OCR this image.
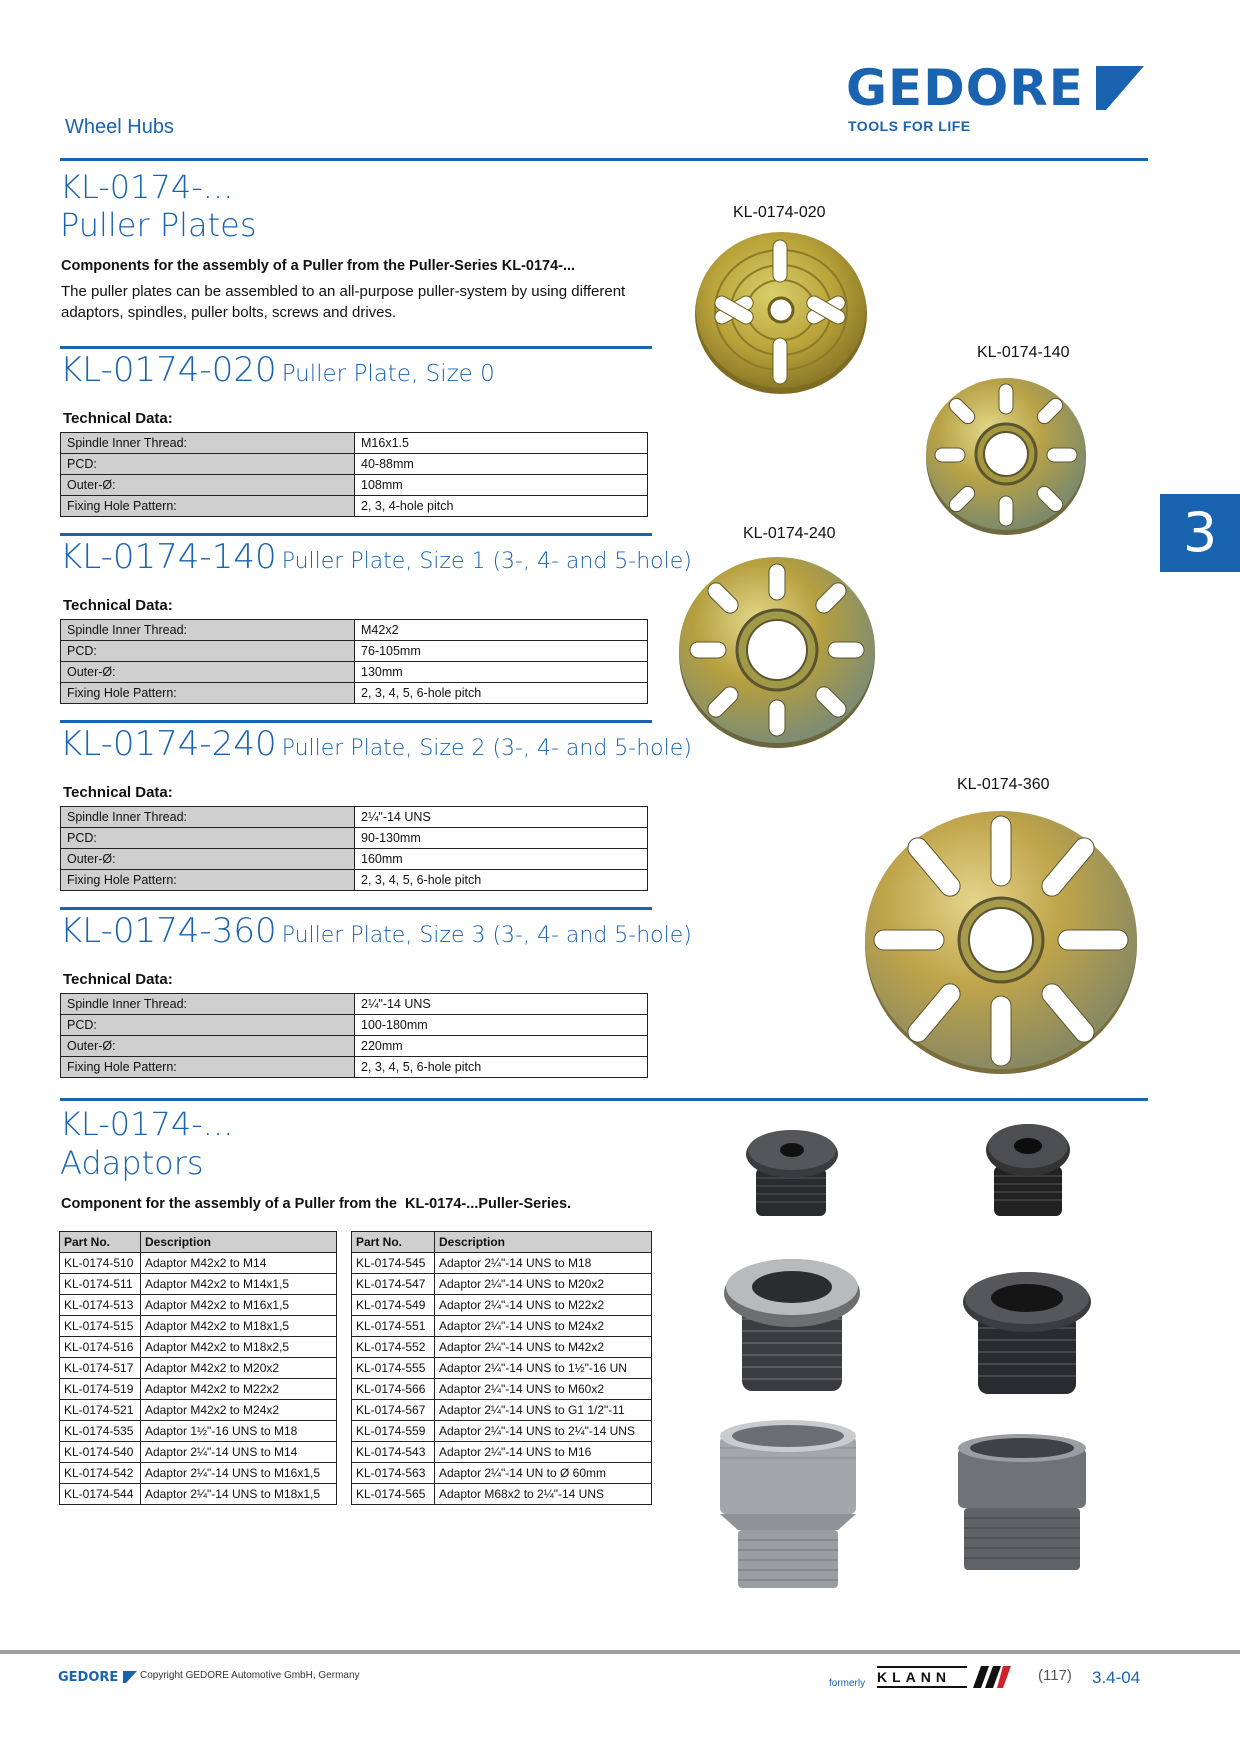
Wheel Hubs
GEDORE
TOOLS FOR LIFE
3
KL-0174-...
Puller Plates
Components for the assembly of a Puller from the Puller-Series KL-0174-...
The puller plates can be assembled to an all-purpose puller-system by using different adaptors, spindles, puller bolts, screws and drives.
KL-0174-020 Puller Plate, Size 0
Technical Data:
Spindle Inner Thread:	M16x1.5
PCD:	40-88mm
Outer-Ø:	108mm
Fixing Hole Pattern:	2, 3, 4-hole pitch
KL-0174-140 Puller Plate, Size 1 (3-, 4- and 5-hole)
Technical Data:
Spindle Inner Thread:	M42x2
PCD:	76-105mm
Outer-Ø:	130mm
Fixing Hole Pattern:	2, 3, 4, 5, 6-hole pitch
KL-0174-240 Puller Plate, Size 2 (3-, 4- and 5-hole)
Technical Data:
Spindle Inner Thread:	2¼"-14 UNS
PCD:	90-130mm
Outer-Ø:	160mm
Fixing Hole Pattern:	2, 3, 4, 5, 6-hole pitch
KL-0174-360 Puller Plate, Size 3 (3-, 4- and 5-hole)
Technical Data:
Spindle Inner Thread:	2¼"-14 UNS
PCD:	100-180mm
Outer-Ø:	220mm
Fixing Hole Pattern:	2, 3, 4, 5, 6-hole pitch
KL-0174-020
KL-0174-140
KL-0174-240
KL-0174-360
KL-0174-...
Adaptors
Component for the assembly of a Puller from the  KL-0174-...Puller-Series.
Part No.	Description
KL-0174-510	Adaptor M42x2 to M14
KL-0174-511	Adaptor M42x2 to M14x1,5
KL-0174-513	Adaptor M42x2 to M16x1,5
KL-0174-515	Adaptor M42x2 to M18x1,5
KL-0174-516	Adaptor M42x2 to M18x2,5
KL-0174-517	Adaptor M42x2 to M20x2
KL-0174-519	Adaptor M42x2 to M22x2
KL-0174-521	Adaptor M42x2 to M24x2
KL-0174-535	Adaptor 1½"-16 UNS to M18
KL-0174-540	Adaptor 2¼"-14 UNS to M14
KL-0174-542	Adaptor 2¼"-14 UNS to M16x1,5
KL-0174-544	Adaptor 2¼"-14 UNS to M18x1,5
Part No.	Description
KL-0174-545	Adaptor 2¼"-14 UNS to M18
KL-0174-547	Adaptor 2¼"-14 UNS to M20x2
KL-0174-549	Adaptor 2¼"-14 UNS to M22x2
KL-0174-551	Adaptor 2¼"-14 UNS to M24x2
KL-0174-552	Adaptor 2¼"-14 UNS to M42x2
KL-0174-555	Adaptor 2¼"-14 UNS to 1½"-16 UN
KL-0174-566	Adaptor 2¼"-14 UNS to M60x2
KL-0174-567	Adaptor 2¼"-14 UNS to G1 1/2"-11
KL-0174-559	Adaptor 2¼"-14 UNS to 2¼"-14 UNS
KL-0174-543	Adaptor 2¼"-14 UNS to M16
KL-0174-563	Adaptor 2¼"-14 UN to Ø 60mm
KL-0174-565	Adaptor M68x2 to 2¼"-14 UNS
GEDORE	Copyright GEDORE Automotive GmbH, Germany
formerly KLANN	(117) 3.4-04
